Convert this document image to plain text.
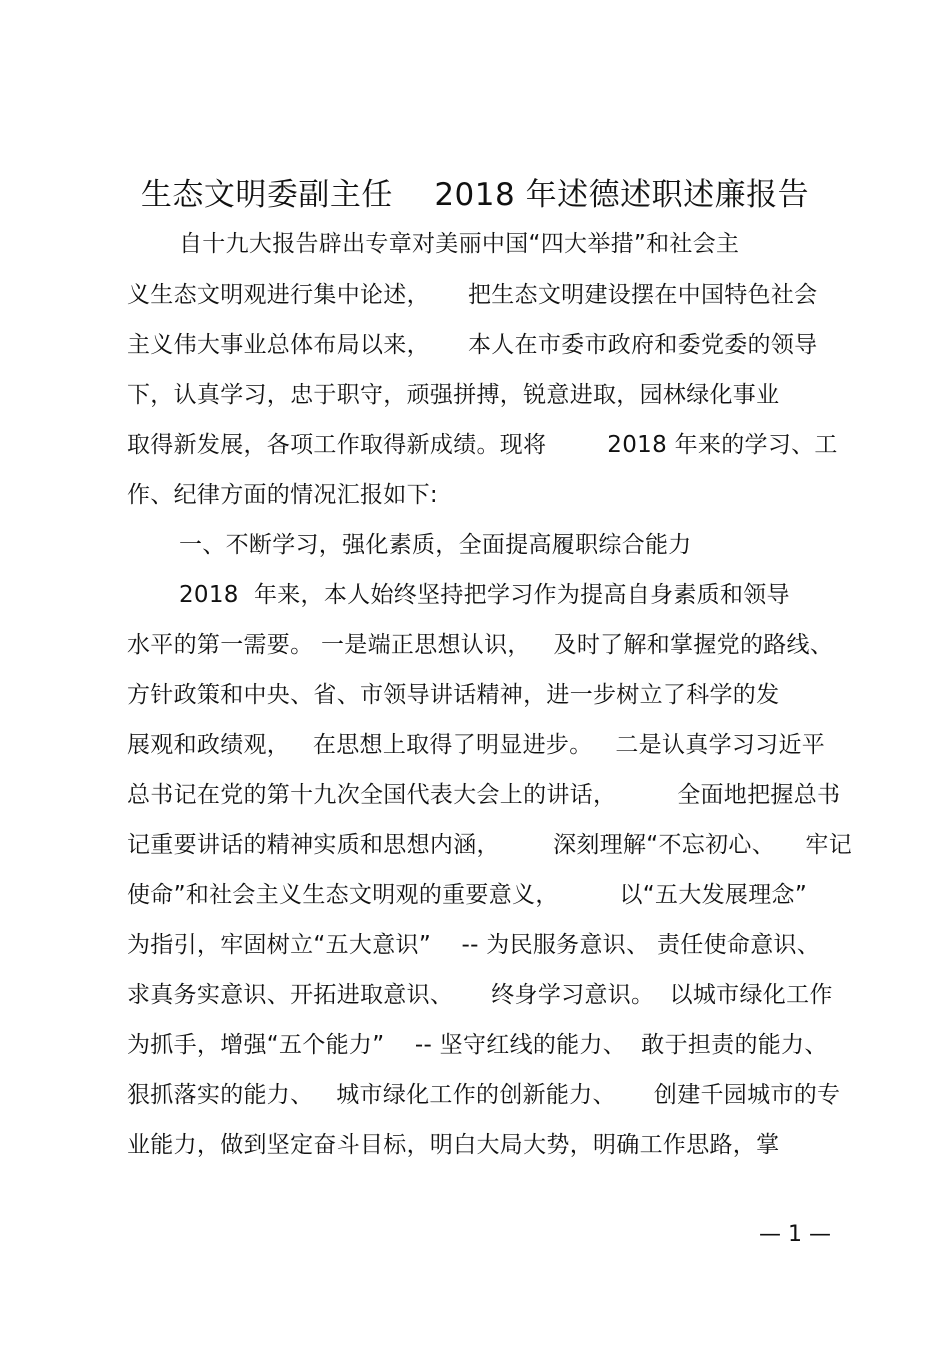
生态文明委副主任    2018 年述德述职述廉报告
自十九大报告辟出专章对美丽中国“四大举措”和社会主
义生态文明观进行集中论述，     把生态文明建设摆在中国特色社会
主义伟大事业总体布局以来，     本人在市委市政府和委党委的领导
下，认真学习，忠于职守，顽强拼搏，锐意进取，园林绿化事业
取得新发展，各项工作取得新成绩。现将        2018 年来的学习、工
作、纪律方面的情况汇报如下:
一、不断学习，强化素质，全面提高履职综合能力
2018  年来，本人始终坚持把学习作为提高自身素质和领导
水平的第一需要。 一是端正思想认识，   及时了解和掌握党的路线、
方针政策和中央、省、市领导讲话精神，进一步树立了科学的发
展观和政绩观，   在思想上取得了明显进步。   二是认真学习习近平
总书记在党的第十九次全国代表大会上的讲话，        全面地把握总书
记重要讲话的精神实质和思想内涵，       深刻理解“不忘初心、    牢记
使命”和社会主义生态文明观的重要意义，        以“五大发展理念”
为指引，牢固树立“五大意识”    -- 为民服务意识、 责任使命意识、
求真务实意识、开拓进取意识、     终身学习意识。  以城市绿化工作
为抓手，增强“五个能力”    -- 坚守红线的能力、  敢于担责的能力、
狠抓落实的能力、   城市绿化工作的创新能力、     创建千园城市的专
业能力，做到坚定奋斗目标，明白大局大势，明确工作思路，掌
— 1 —
